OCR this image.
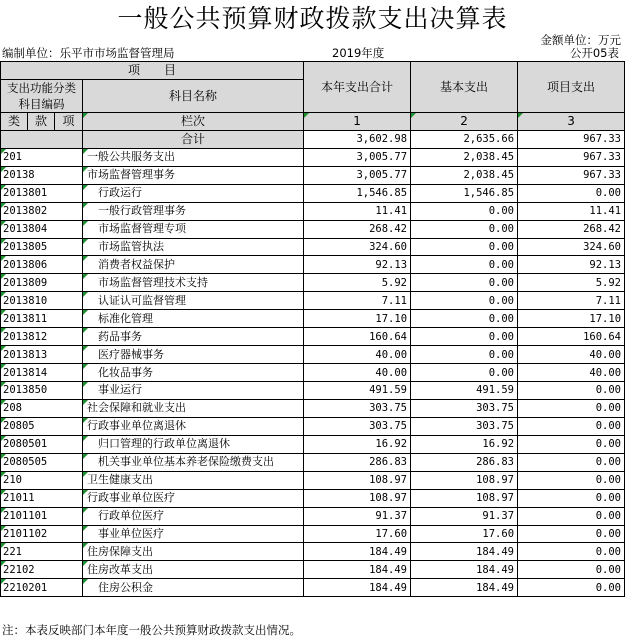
一般公共预算财政拨款支出决算表
金额单位：万元
编制单位：乐平市市场监督管理局	2019年度	公开05表
项　　目				本年支出合计	基本支出	项目支出
支出功能分类科目编码			科目名称			

类	款	项				
			栏次	1	2	3
			合计	3,602.98	2,635.66	967.33
201			一般公共服务支出	3,005.77	2,038.45	967.33
20138			市场监督管理事务	3,005.77	2,038.45	967.33
2013801			行政运行	1,546.85	1,546.85	0.00
2013802			一般行政管理事务	11.41	0.00	11.41
2013804			市场监督管理专项	268.42	0.00	268.42
2013805			市场监管执法	324.60	0.00	324.60
2013806			消费者权益保护	92.13	0.00	92.13
2013809			市场监督管理技术支持	5.92	0.00	5.92
2013810			认证认可监督管理	7.11	0.00	7.11
2013811			标准化管理	17.10	0.00	17.10
2013812			药品事务	160.64	0.00	160.64
2013813			医疗器械事务	40.00	0.00	40.00
2013814			化妆品事务	40.00	0.00	40.00
2013850			事业运行	491.59	491.59	0.00
208			社会保障和就业支出	303.75	303.75	0.00
20805			行政事业单位离退休	303.75	303.75	0.00
2080501			归口管理的行政单位离退休	16.92	16.92	0.00
2080505			机关事业单位基本养老保险缴费支出	286.83	286.83	0.00
210			卫生健康支出	108.97	108.97	0.00
21011			行政事业单位医疗	108.97	108.97	0.00
2101101			行政单位医疗	91.37	91.37	0.00
2101102			事业单位医疗	17.60	17.60	0.00
221			住房保障支出	184.49	184.49	0.00
22102			住房改革支出	184.49	184.49	0.00
2210201			住房公积金	184.49	184.49	0.00
注：本表反映部门本年度一般公共预算财政拨款支出情况。
